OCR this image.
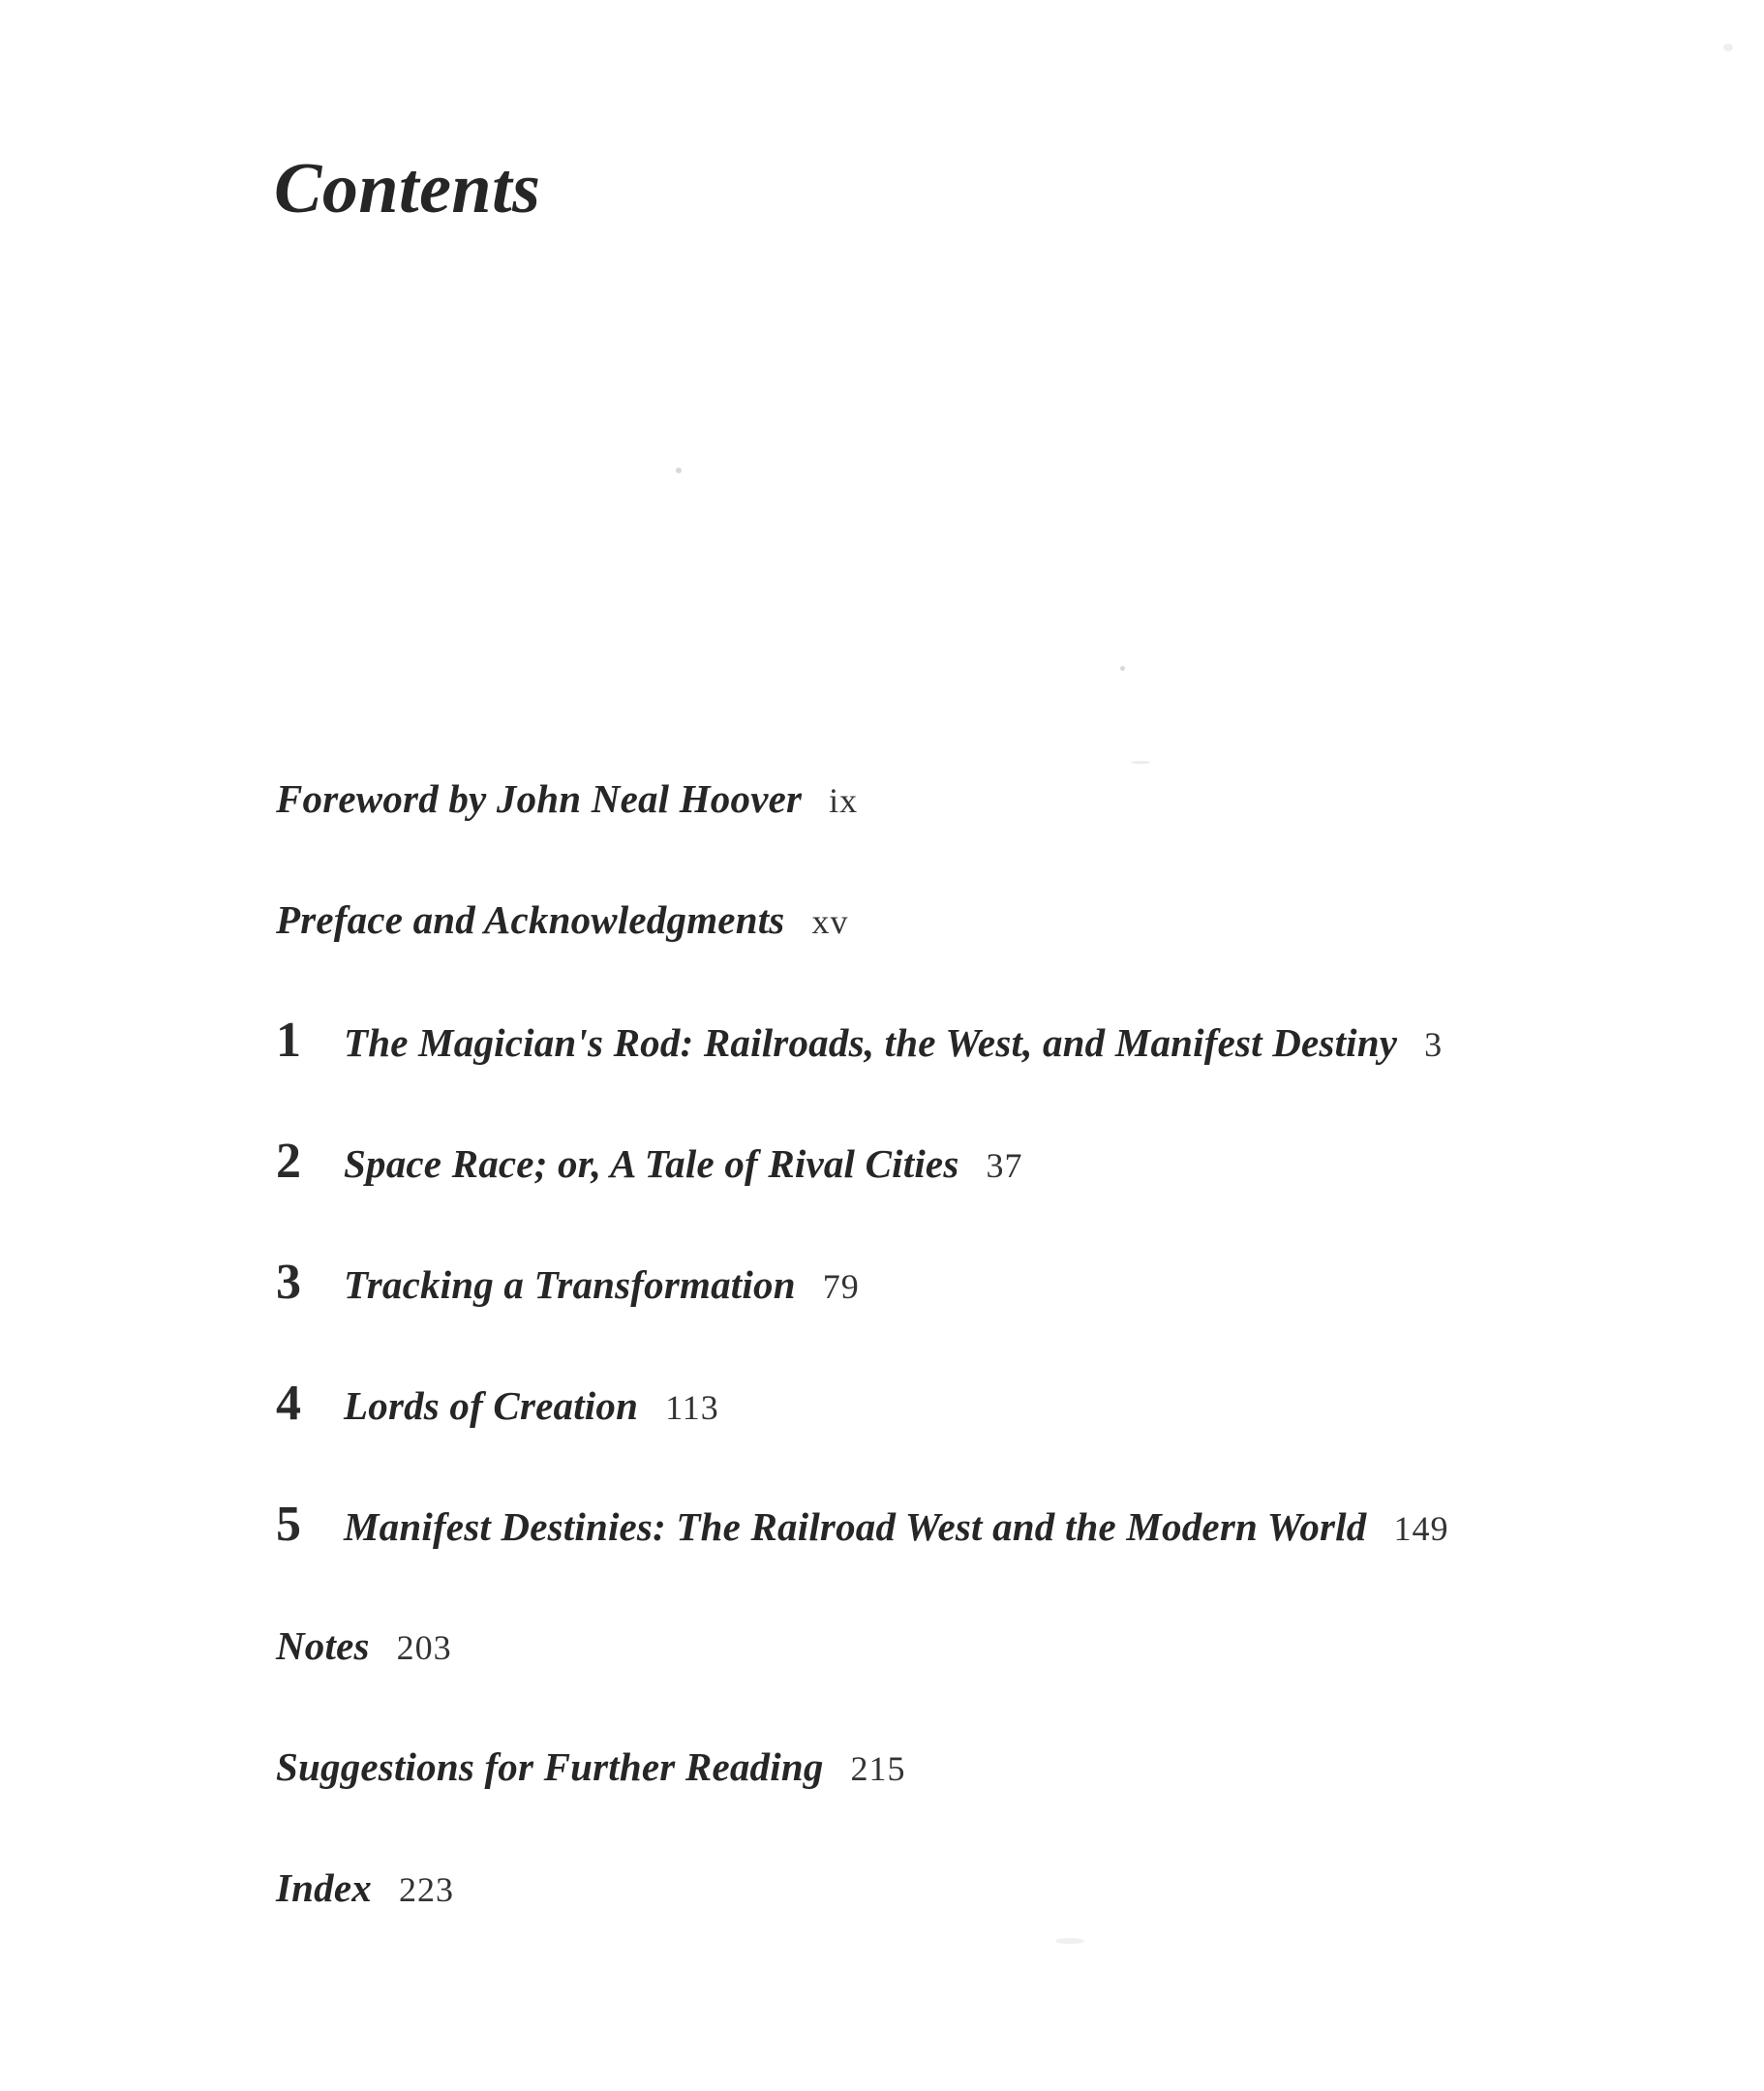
Contents
Foreword by John Neal Hoover ix
Preface and Acknowledgments xv
1 The Magician's Rod: Railroads, the West, and Manifest Destiny 3
2 Space Race; or, A Tale of Rival Cities 37
3 Tracking a Transformation 79
4 Lords of Creation 113
5 Manifest Destinies: The Railroad West and the Modern World 149
Notes 203
Suggestions for Further Reading 215
Index 223
